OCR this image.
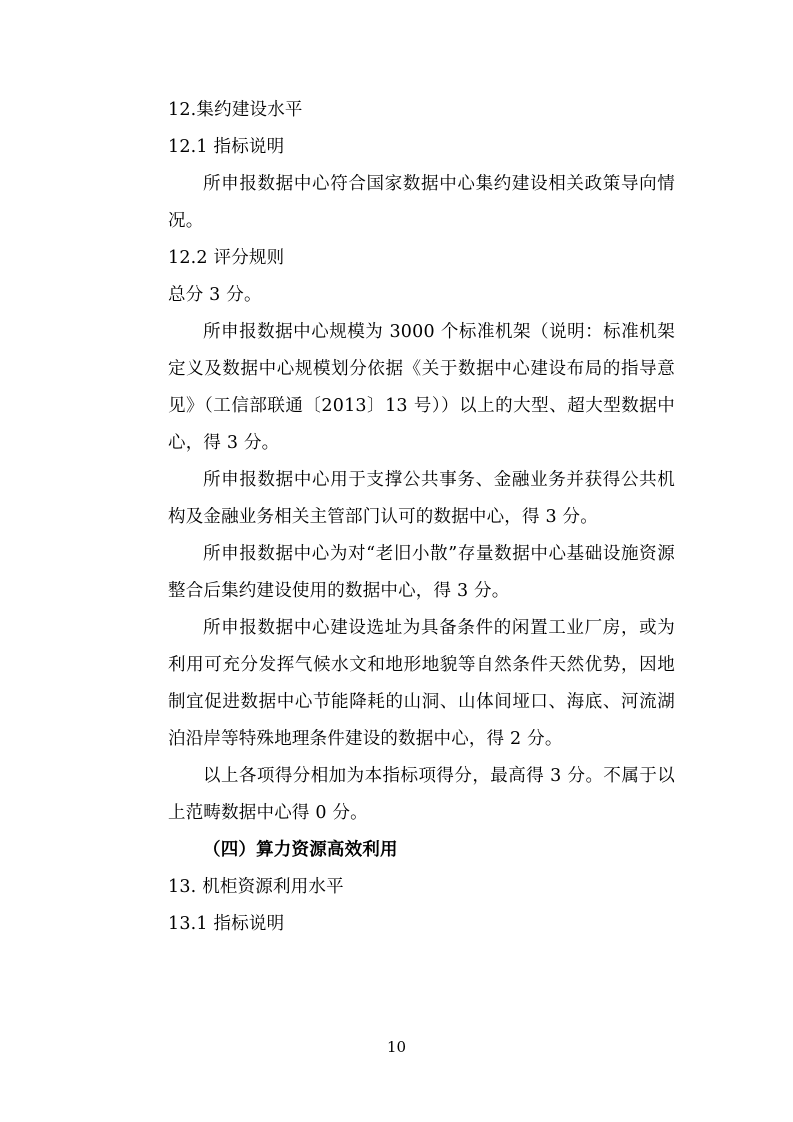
12.集约建设水平

12.1 指标说明

所申报数据中心符合国家数据中心集约建设相关政策导向情况。

12.2 评分规则

总分 3 分。

所申报数据中心规模为 3000 个标准机架（说明：标准机架定义及数据中心规模划分依据《关于数据中心建设布局的指导意见》（工信部联通〔2013〕13 号））以上的大型、超大型数据中心，得 3 分。

所申报数据中心用于支撑公共事务、金融业务并获得公共机构及金融业务相关主管部门认可的数据中心，得 3 分。

所申报数据中心为对“老旧小散”存量数据中心基础设施资源整合后集约建设使用的数据中心，得 3 分。

所申报数据中心建设选址为具备条件的闲置工业厂房，或为利用可充分发挥气候水文和地形地貌等自然条件天然优势，因地制宜促进数据中心节能降耗的山洞、山体间垭口、海底、河流湖泊沿岸等特殊地理条件建设的数据中心，得 2 分。

以上各项得分相加为本指标项得分，最高得 3 分。不属于以上范畴数据中心得 0 分。

（四）算力资源高效利用

13. 机柜资源利用水平

13.1 指标说明

10
